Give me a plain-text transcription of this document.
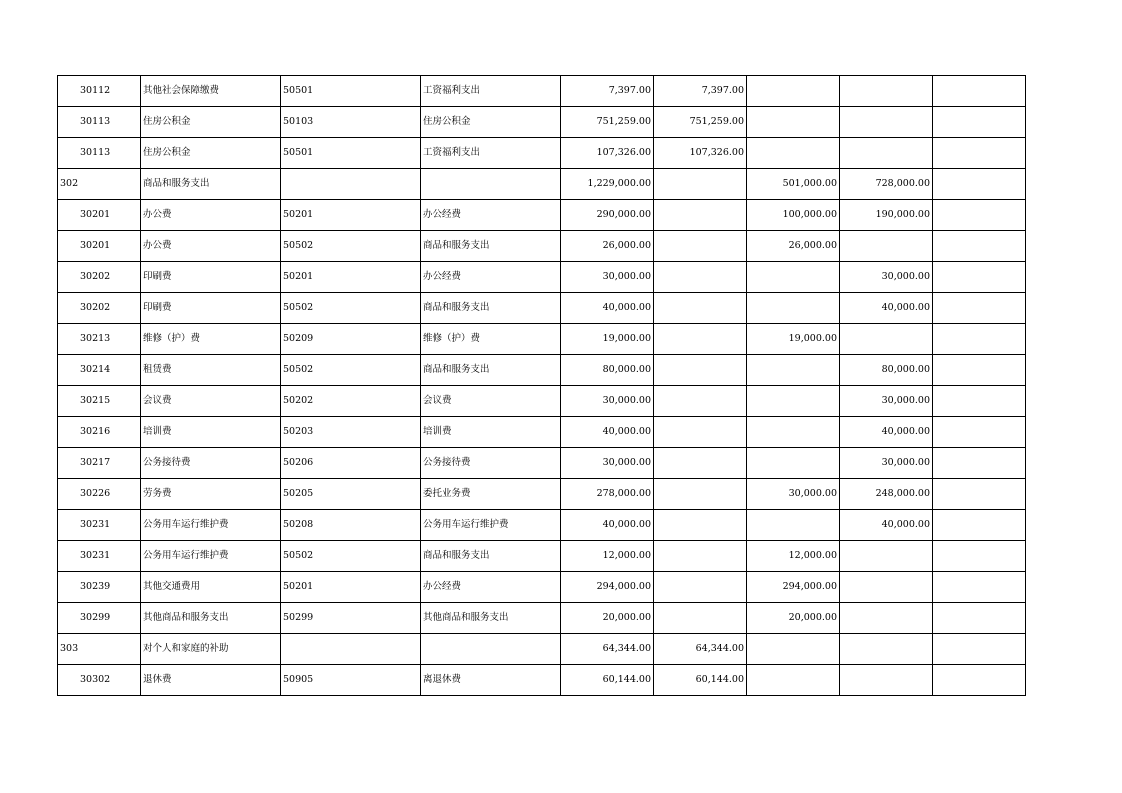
30112	其他社会保障缴费	50501	工资福利支出	7,397.00	7,397.00			
30113	住房公积金	50103	住房公积金	751,259.00	751,259.00			
30113	住房公积金	50501	工资福利支出	107,326.00	107,326.00			
302	商品和服务支出			1,229,000.00		501,000.00	728,000.00	
30201	办公费	50201	办公经费	290,000.00		100,000.00	190,000.00	
30201	办公费	50502	商品和服务支出	26,000.00		26,000.00		
30202	印刷费	50201	办公经费	30,000.00			30,000.00	
30202	印刷费	50502	商品和服务支出	40,000.00			40,000.00	
30213	维修（护）费	50209	维修（护）费	19,000.00		19,000.00		
30214	租赁费	50502	商品和服务支出	80,000.00			80,000.00	
30215	会议费	50202	会议费	30,000.00			30,000.00	
30216	培训费	50203	培训费	40,000.00			40,000.00	
30217	公务接待费	50206	公务接待费	30,000.00			30,000.00	
30226	劳务费	50205	委托业务费	278,000.00		30,000.00	248,000.00	
30231	公务用车运行维护费	50208	公务用车运行维护费	40,000.00			40,000.00	
30231	公务用车运行维护费	50502	商品和服务支出	12,000.00		12,000.00		
30239	其他交通费用	50201	办公经费	294,000.00		294,000.00		
30299	其他商品和服务支出	50299	其他商品和服务支出	20,000.00		20,000.00		
303	对个人和家庭的补助			64,344.00	64,344.00			
30302	退休费	50905	离退休费	60,144.00	60,144.00			
